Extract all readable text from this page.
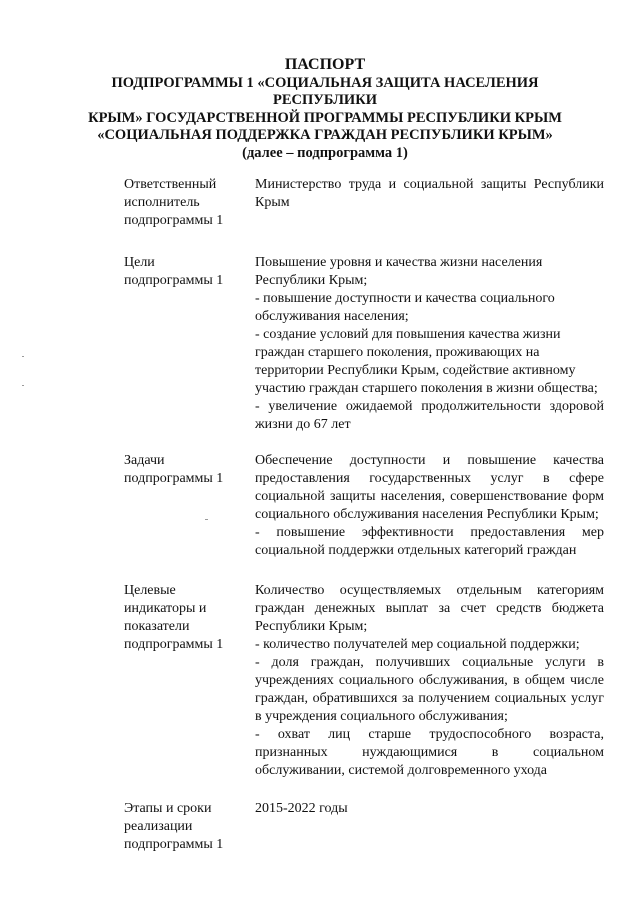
ПАСПОРТ
ПОДПРОГРАММЫ 1 «СОЦИАЛЬНАЯ ЗАЩИТА НАСЕЛЕНИЯ РЕСПУБЛИКИ
КРЫМ» ГОСУДАРСТВЕННОЙ ПРОГРАММЫ РЕСПУБЛИКИ КРЫМ
«СОЦИАЛЬНАЯ ПОДДЕРЖКА ГРАЖДАН РЕСПУБЛИКИ КРЫМ»
(далее – подпрограмма 1)
Ответственный
исполнитель
подпрограммы 1

Министерство труда и социальной защиты Республики Крым

Цели
подпрограммы 1

Повышение уровня и качества жизни населения Республики Крым;

- повышение доступности и качества социального обслуживания населения;

- создание условий для повышения качества жизни граждан старшего поколения, проживающих на территории Республики Крым, содействие активному участию граждан старшего поколения в жизни общества;

- увеличение ожидаемой продолжительности здоровой жизни до 67 лет

Задачи
подпрограммы 1

Обеспечение доступности и повышение качества предоставления государственных услуг в сфере социальной защиты населения, совершенствование форм социального обслуживания населения Республики Крым;

- повышение эффективности предоставления мер социальной поддержки отдельных категорий граждан

Целевые
индикаторы и
показатели
подпрограммы 1

Количество осуществляемых отдельным категориям граждан денежных выплат за счет средств бюджета Республики Крым;

- количество получателей мер социальной поддержки;

- доля граждан, получивших социальные услуги в учреждениях социального обслуживания, в общем числе граждан, обратившихся за получением социальных услуг в учреждения социального обслуживания;

- охват лиц старше трудоспособного возраста, признанных нуждающимися в социальном обслуживании, системой долговременного ухода

Этапы и сроки
реализации
подпрограммы 1

2015-2022 годы
